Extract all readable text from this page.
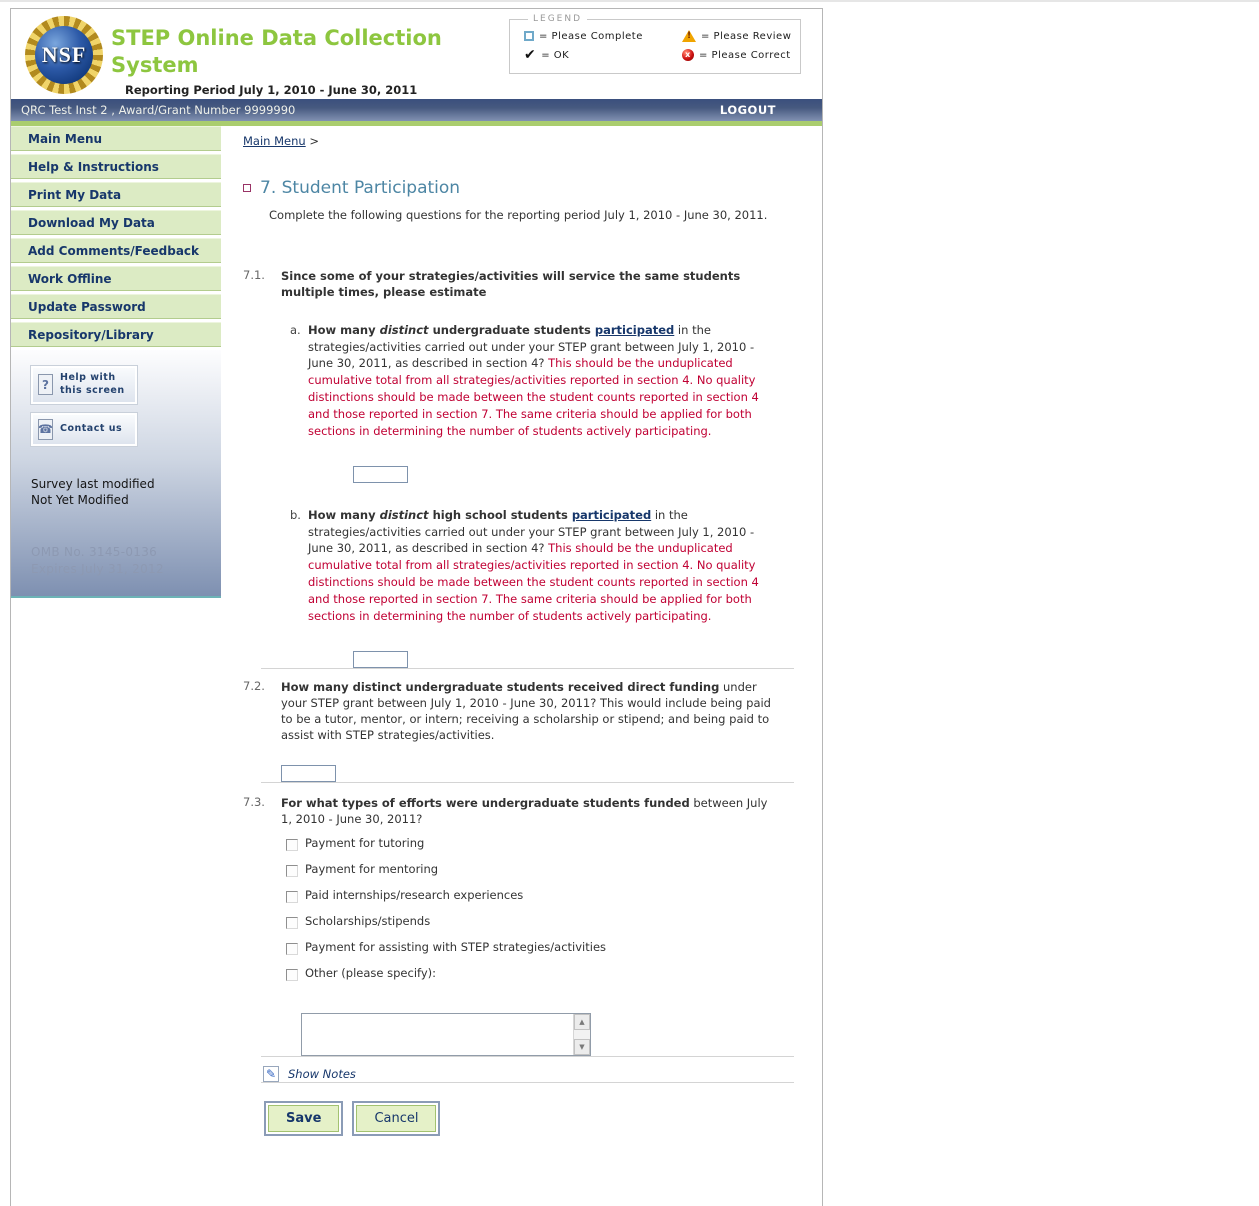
NSF
STEP Online Data Collection System
Reporting Period July 1, 2010 - June 30, 2011
LEGEND
= Please Complete !	= Please Review
✔ = OK	x = Please Correct
QRC Test Inst 2 , Award/Grant Number 9999990	LOGOUT
Main Menu
Help & Instructions
Print My Data
Download My Data
Add Comments/Feedback
Work Offline
Update Password
Repository/Library
?
Help with this screen
☎ Contact us
Survey last modified
Not Yet Modified
OMB No. 3145-0136
Expires July 31, 2012
Main Menu >
7. Student Participation
Complete the following questions for the reporting period July 1, 2010 - June 30, 2011.
7.1.	Since some of your strategies/activities will service the same students multiple times, please estimate
a. How many distinct undergraduate students participated in the strategies/activities carried out under your STEP grant between July 1, 2010 - June 30, 2011, as described in section 4? This should be the unduplicated cumulative total from all strategies/activities reported in section 4. No quality distinctions should be made between the student counts reported in section 4 and those reported in section 7. The same criteria should be applied for both sections in determining the number of students actively participating.
b. How many distinct high school students participated in the strategies/activities carried out under your STEP grant between July 1, 2010 - June 30, 2011, as described in section 4? This should be the unduplicated cumulative total from all strategies/activities reported in section 4. No quality distinctions should be made between the student counts reported in section 4 and those reported in section 7. The same criteria should be applied for both sections in determining the number of students actively participating.
7.2.	How many distinct undergraduate students received direct funding under your STEP grant between July 1, 2010 - June 30, 2011? This would include being paid to be a tutor, mentor, or intern; receiving a scholarship or stipend; and being paid to assist with STEP strategies/activities.
7.3.	For what types of efforts were undergraduate students funded between July 1, 2010 - June 30, 2011?
Payment for tutoring
Payment for mentoring
Paid internships/research experiences
Scholarships/stipends
Payment for assisting with STEP strategies/activities
Other (please specify):
▲
▼
✎ Show Notes
Save	Cancel
